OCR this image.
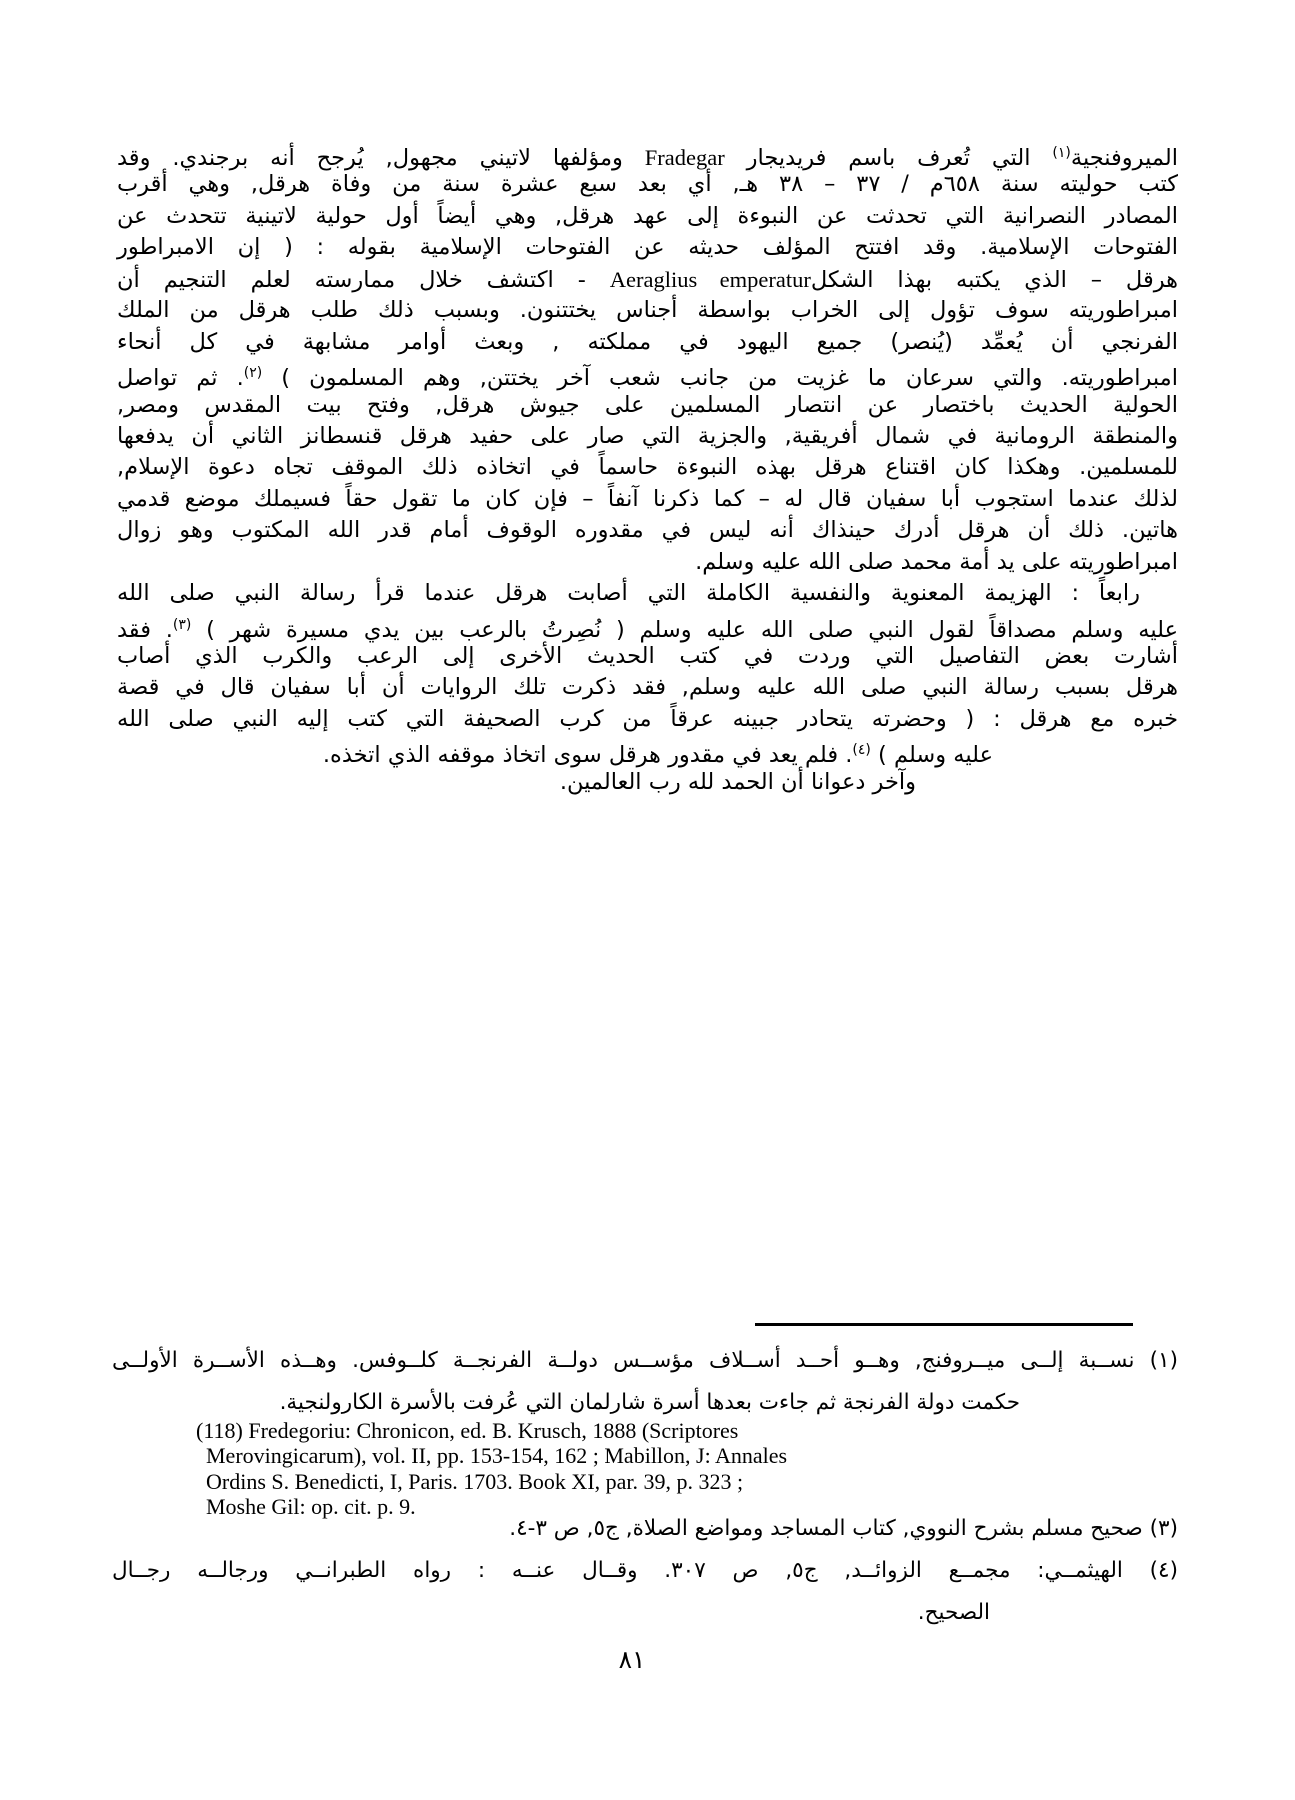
الميروفنجية$^{(١)}$ التي تُعرف باسم فريديجار Fradegar ومؤلفها لاتيني مجهول, يُرجح أنه برجندي. وقد
كتب حوليته سنة ٦٥٨م / ٣٧ – ٣٨ هـ, أي بعد سبع عشرة سنة من وفاة هرقل, وهي أقرب
المصادر النصرانية التي تحدثت عن النبوءة إلى عهد هرقل, وهي أيضاً أول حولية لاتينية تتحدث عن
الفتوحات الإسلامية. وقد افتتح المؤلف حديثه عن الفتوحات الإسلامية بقوله : ( إن الامبراطور
هرقل – الذي يكتبه بهذا الشكلAeraglius emperatur - اكتشف خلال ممارسته لعلم التنجيم أن
امبراطوريته سوف تؤول إلى الخراب بواسطة أجناس يختتنون. وبسبب ذلك طلب هرقل من الملك
الفرنجي أن يُعمِّد (يُنصر) جميع اليهود في مملكته , وبعث أوامر مشابهة في كل أنحاء
امبراطوريته. والتي سرعان ما غزيت من جانب شعب آخر يختتن, وهم المسلمون ) $^{(٢)}$. ثم تواصل
الحولية الحديث باختصار عن انتصار المسلمين على جيوش هرقل, وفتح بيت المقدس ومصر,
والمنطقة الرومانية في شمال أفريقية, والجزية التي صار على حفيد هرقل قنسطانز الثاني أن يدفعها
للمسلمين. وهكذا كان اقتناع هرقل بهذه النبوءة حاسماً في اتخاذه ذلك الموقف تجاه دعوة الإسلام,
لذلك عندما استجوب أبا سفيان قال له – كما ذكرنا آنفاً – فإن كان ما تقول حقاً فسيملك موضع قدمي
هاتين. ذلك أن هرقل أدرك حينذاك أنه ليس في مقدوره الوقوف أمام قدر الله المكتوب وهو زوال
امبراطوريته على يد أمة محمد صلى الله عليه وسلم.
رابعاً : الهزيمة المعنوية والنفسية الكاملة التي أصابت هرقل عندما قرأ رسالة النبي صلى الله
عليه وسلم مصداقاً لقول النبي صلى الله عليه وسلم ( نُصِرتُ بالرعب بين يدي مسيرة شهر ) $^{(٣)}$. فقد
أشارت بعض التفاصيل التي وردت في كتب الحديث الأخرى إلى الرعب والكرب الذي أصاب
هرقل بسبب رسالة النبي صلى الله عليه وسلم, فقد ذكرت تلك الروايات أن أبا سفيان قال في قصة
خبره مع هرقل : ( وحضرته يتحادر جبينه عرقاً من كرب الصحيفة التي كتب إليه النبي صلى الله
عليه وسلم ) $^{(٤)}$. فلم يعد في مقدور هرقل سوى اتخاذ موقفه الذي اتخذه.
وآخر دعوانا أن الحمد لله رب العالمين.
(١) نســبة إلــى ميــروفنج, وهــو أحــد أســلاف مؤســس دولــة الفرنجــة كلــوفس. وهــذه الأســرة الأولــى
حكمت دولة الفرنجة ثم جاءت بعدها أسرة شارلمان التي عُرفت بالأسرة الكارولنجية.
(118) Fredegoriu: Chronicon, ed. B. Krusch, 1888 (Scriptores
Merovingicarum), vol. II, pp. 153-154, 162 ; Mabillon, J: Annales
Ordins S. Benedicti, I, Paris. 1703. Book XI, par. 39, p. 323 ;
Moshe Gil: op. cit. p. 9.
(٣) صحيح مسلم بشرح النووي, كتاب المساجد ومواضع الصلاة, ج٥, ص ٣-٤.
(٤) الهيثمــي: مجمــع الزوائــد, ج٥, ص ٣٠٧. وقــال عنــه : رواه الطبرانــي ورجالــه رجــال
الصحيح.
٨١
